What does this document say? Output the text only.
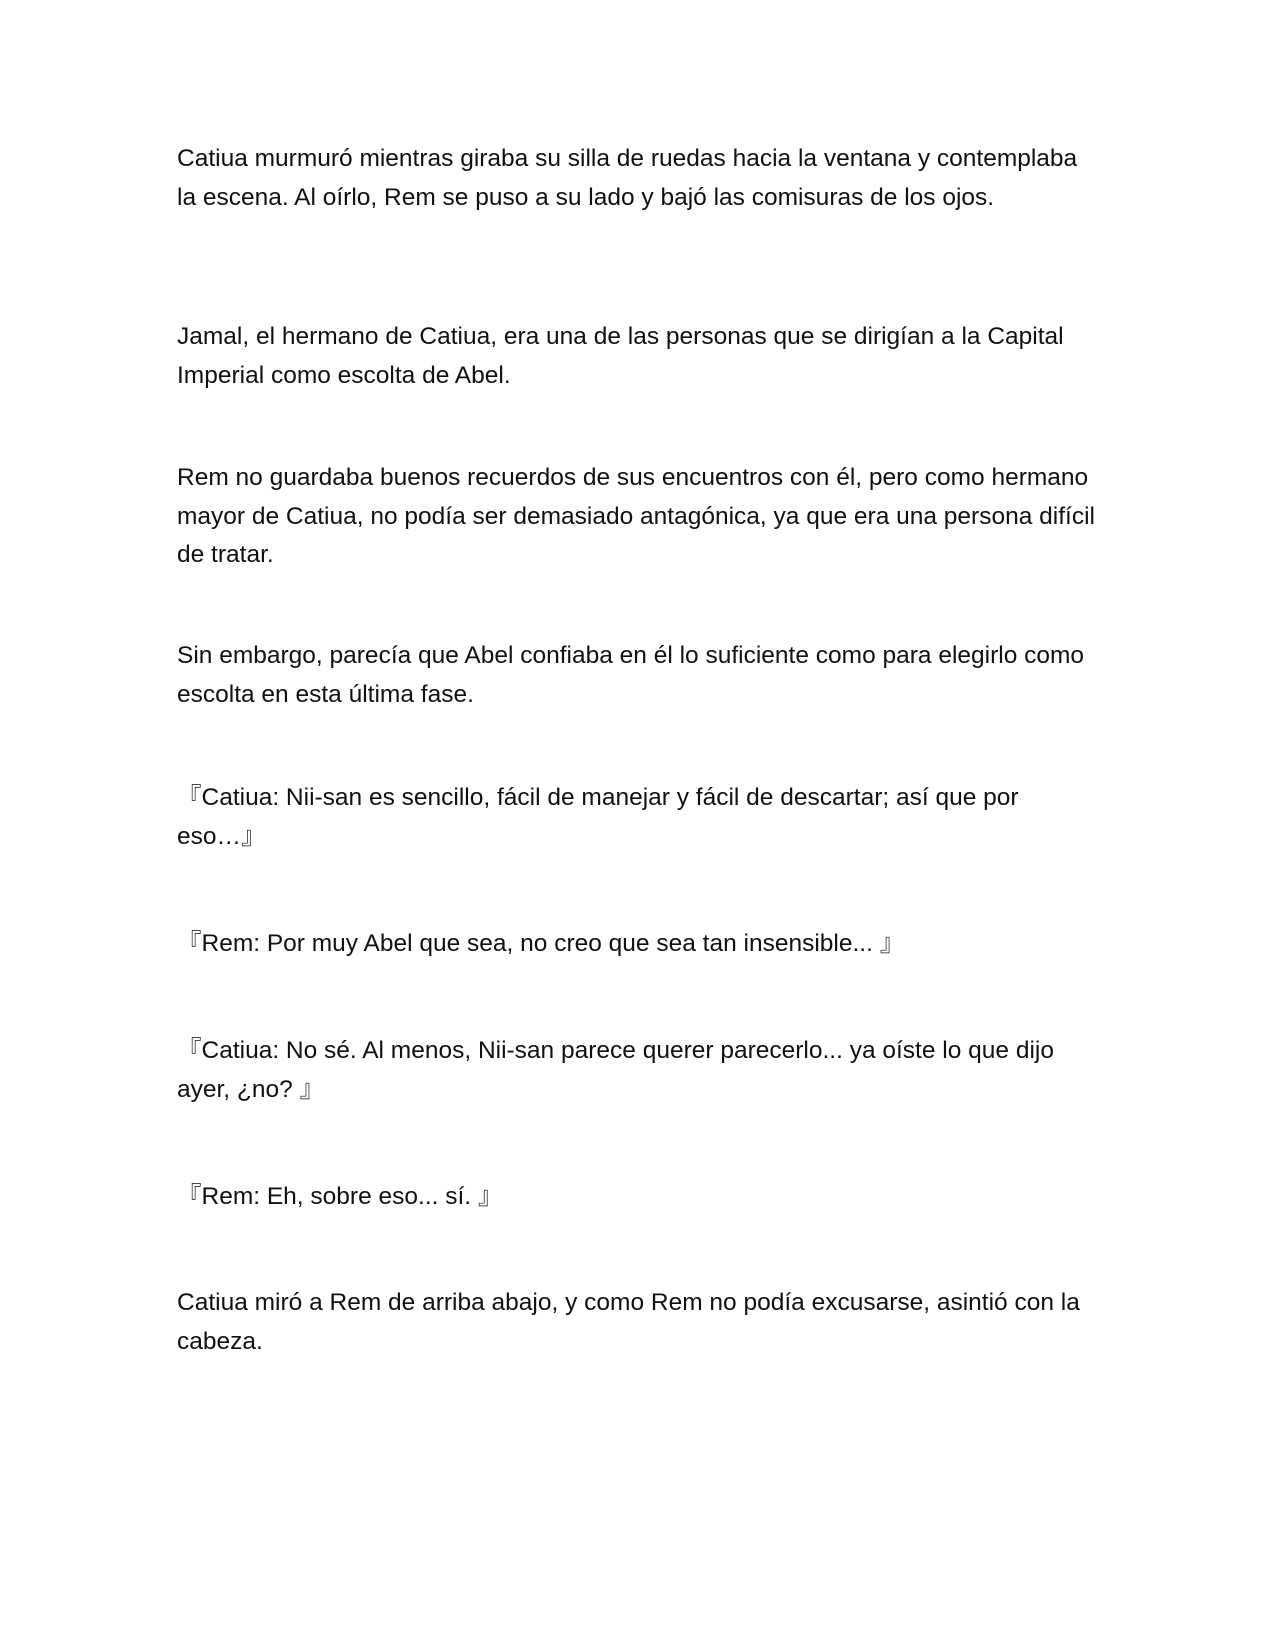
Catiua murmuró mientras giraba su silla de ruedas hacia la ventana y contemplaba la escena. Al oírlo, Rem se puso a su lado y bajó las comisuras de los ojos.

Jamal, el hermano de Catiua, era una de las personas que se dirigían a la Capital Imperial como escolta de Abel.

Rem no guardaba buenos recuerdos de sus encuentros con él, pero como hermano mayor de Catiua, no podía ser demasiado antagónica, ya que era una persona difícil de tratar.

Sin embargo, parecía que Abel confiaba en él lo suficiente como para elegirlo como escolta en esta última fase.

『Catiua: Nii-san es sencillo, fácil de manejar y fácil de descartar; así que por eso…』

『Rem: Por muy Abel que sea, no creo que sea tan insensible... 』

『Catiua: No sé. Al menos, Nii-san parece querer parecerlo... ya oíste lo que dijo ayer, ¿no? 』

『Rem: Eh, sobre eso... sí. 』

Catiua miró a Rem de arriba abajo, y como Rem no podía excusarse, asintió con la cabeza.
